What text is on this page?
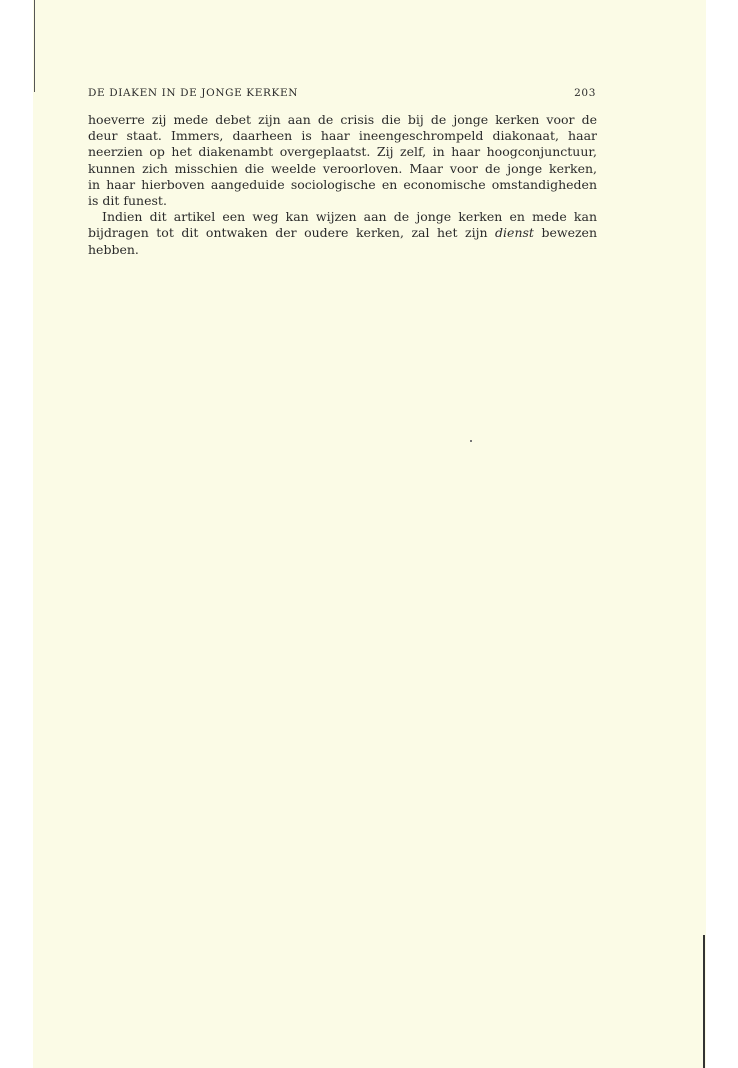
DE DIAKEN IN DE JONGE KERKEN	203
hoeverre zij mede debet zijn aan de crisis die bij de jonge kerken voor de
deur staat. Immers, daarheen is haar ineengeschrompeld diakonaat, haar
neerzien op het diakenambt overgeplaatst. Zij zelf, in haar hoogconjunctuur,
kunnen zich misschien die weelde veroorloven. Maar voor de jonge kerken,
in haar hierboven aangeduide sociologische en economische omstandigheden
is dit funest.
Indien dit artikel een weg kan wijzen aan de jonge kerken en mede kan
bijdragen tot dit ontwaken der oudere kerken, zal het zijn dienst bewezen
hebben.
